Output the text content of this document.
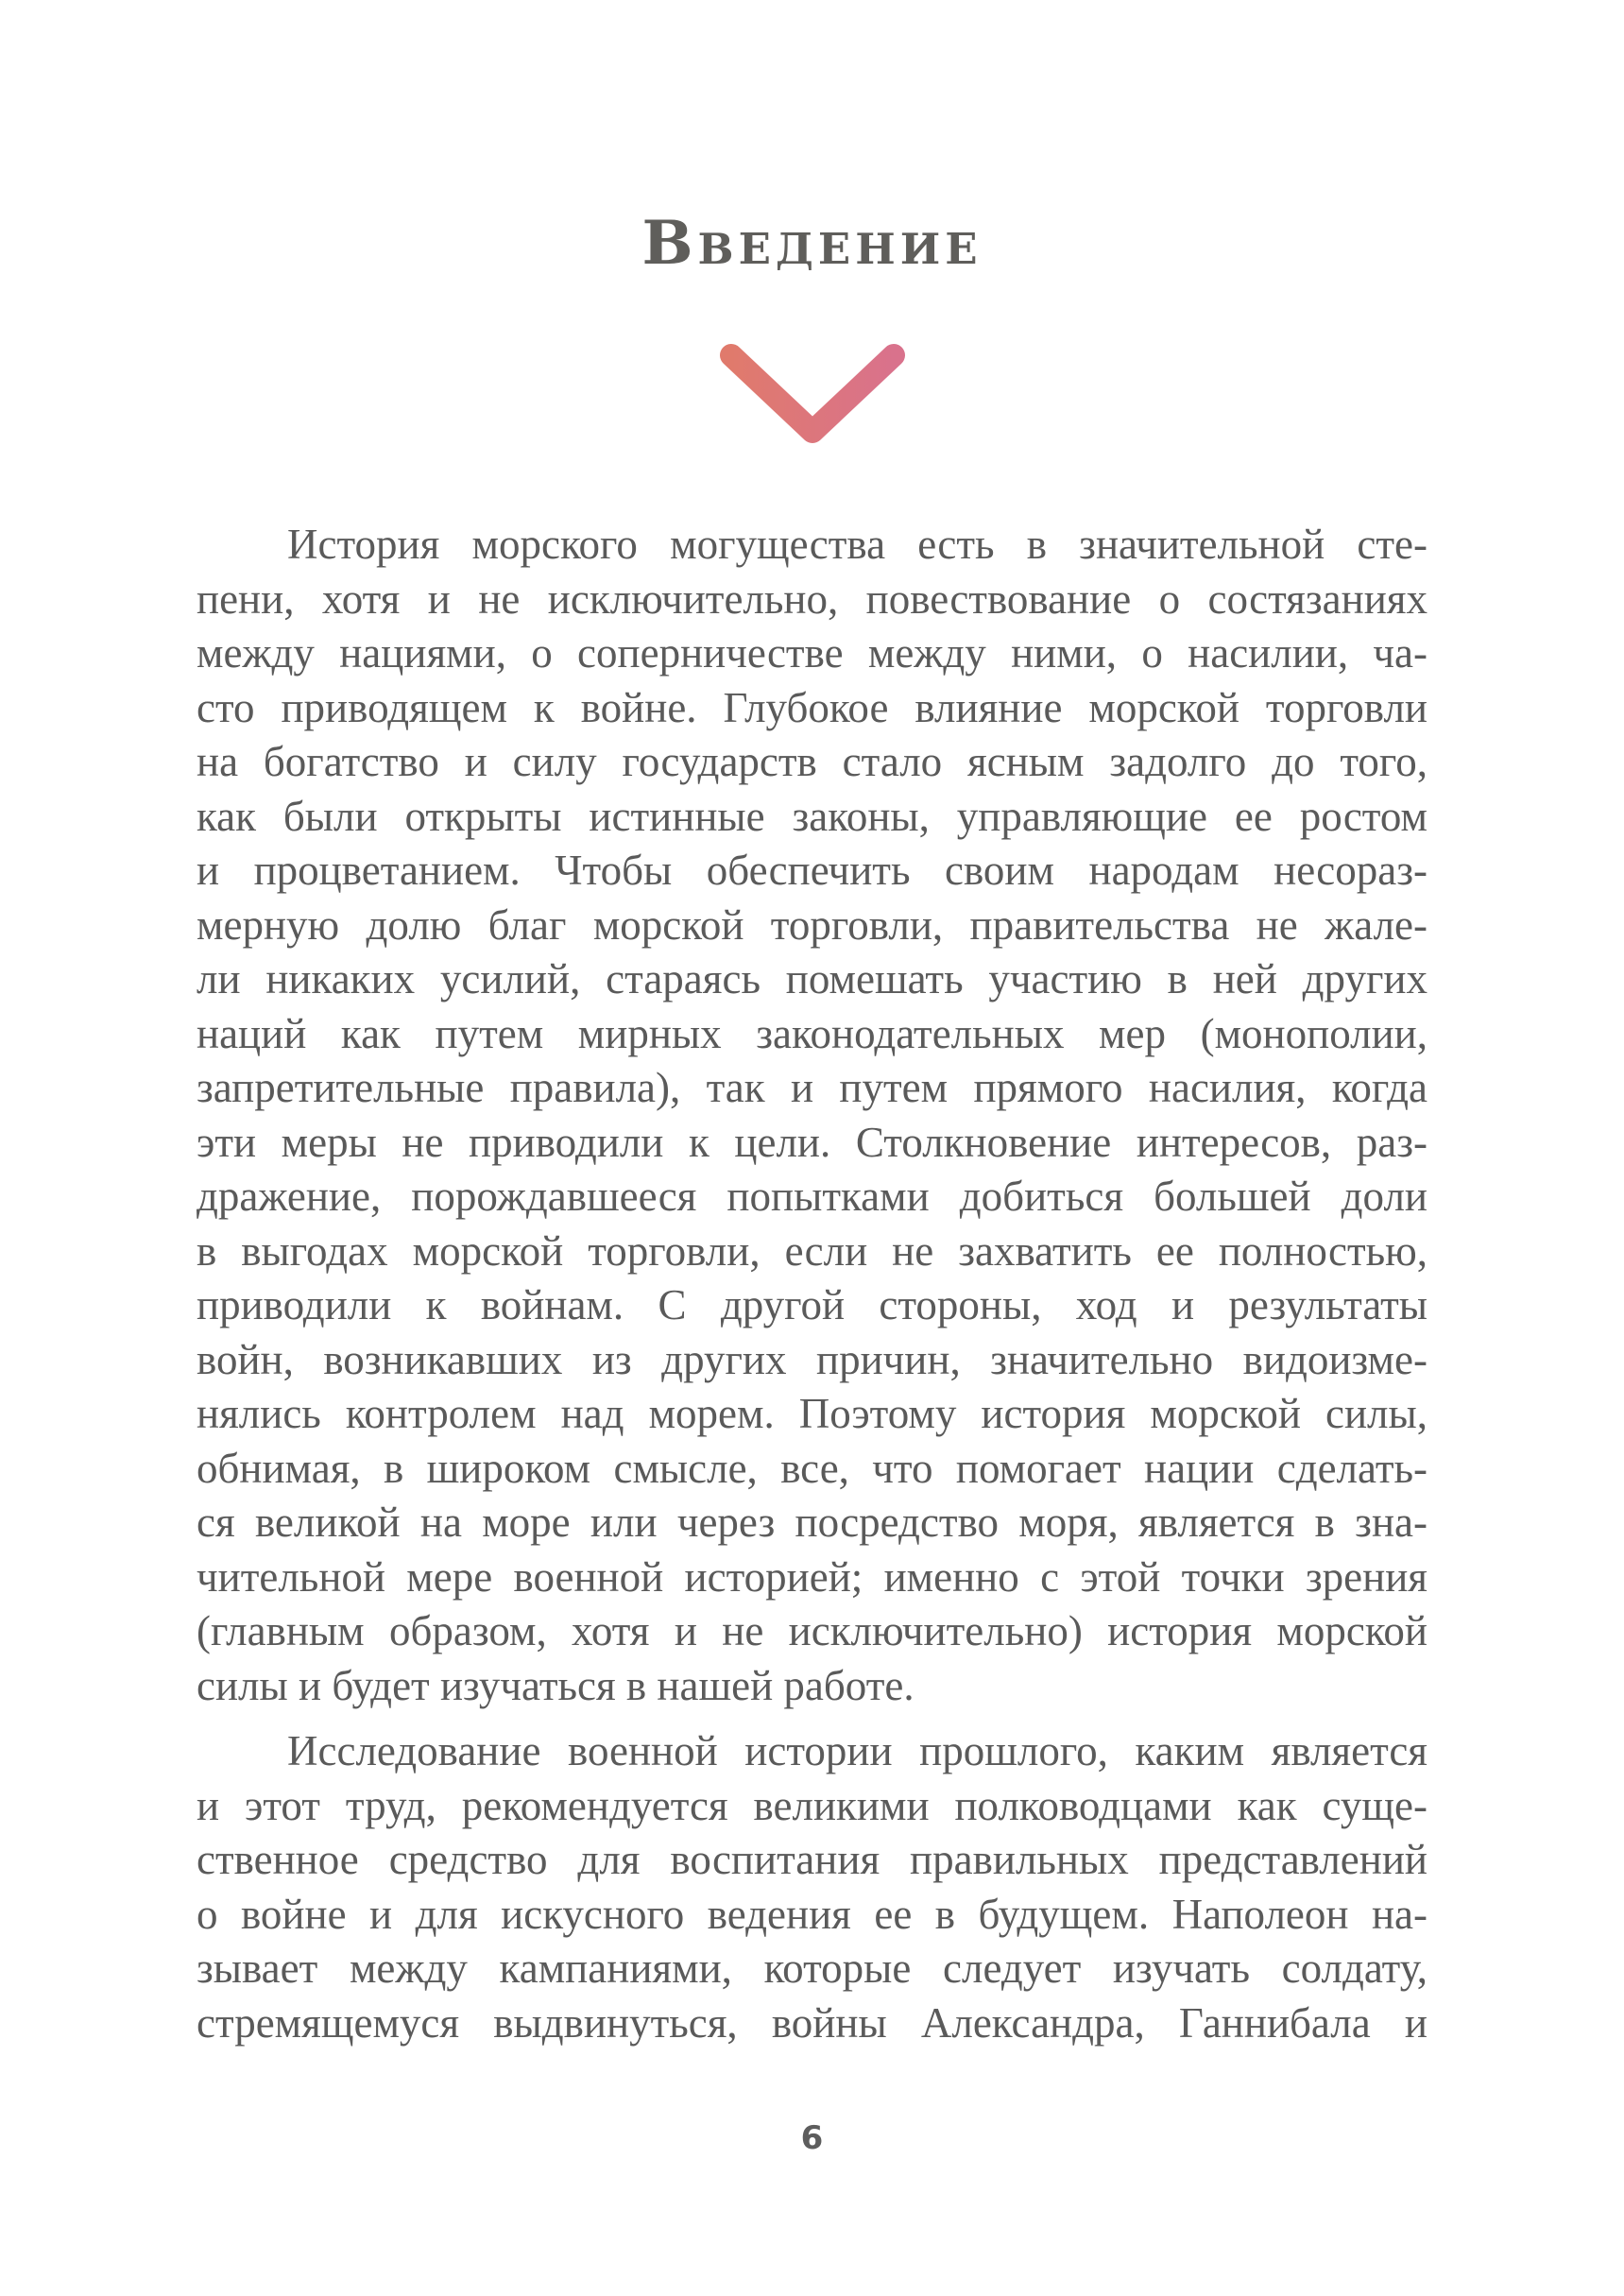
Введение
История морского могущества есть в значительной сте-
пени, хотя и не исключительно, повествование о состязаниях
между нациями, о соперничестве между ними, о насилии, ча-
сто приводящем к войне. Глубокое влияние морской торговли
на богатство и силу государств стало ясным задолго до того,
как были открыты истинные законы, управляющие ее ростом
и процветанием. Чтобы обеспечить своим народам несораз-
мерную долю благ морской торговли, правительства не жале-
ли никаких усилий, стараясь помешать участию в ней других
наций как путем мирных законодательных мер (монополии,
запретительные правила), так и путем прямого насилия, когда
эти меры не приводили к цели. Столкновение интересов, раз-
дражение, порождавшееся попытками добиться большей доли
в выгодах морской торговли, если не захватить ее полностью,
приводили к войнам. С другой стороны, ход и результаты
войн, возникавших из других причин, значительно видоизме-
нялись контролем над морем. Поэтому история морской силы,
обнимая, в широком смысле, все, что помогает нации сделать-
ся великой на море или через посредство моря, является в зна-
чительной мере военной историей; именно с этой точки зрения
(главным образом, хотя и не исключительно) история морской
силы и будет изучаться в нашей работе.
Исследование военной истории прошлого, каким является
и этот труд, рекомендуется великими полководцами как суще-
ственное средство для воспитания правильных представлений
о войне и для искусного ведения ее в будущем. Наполеон на-
зывает между кампаниями, которые следует изучать солдату,
стремящемуся выдвинуться, войны Александра, Ганнибала и
6
